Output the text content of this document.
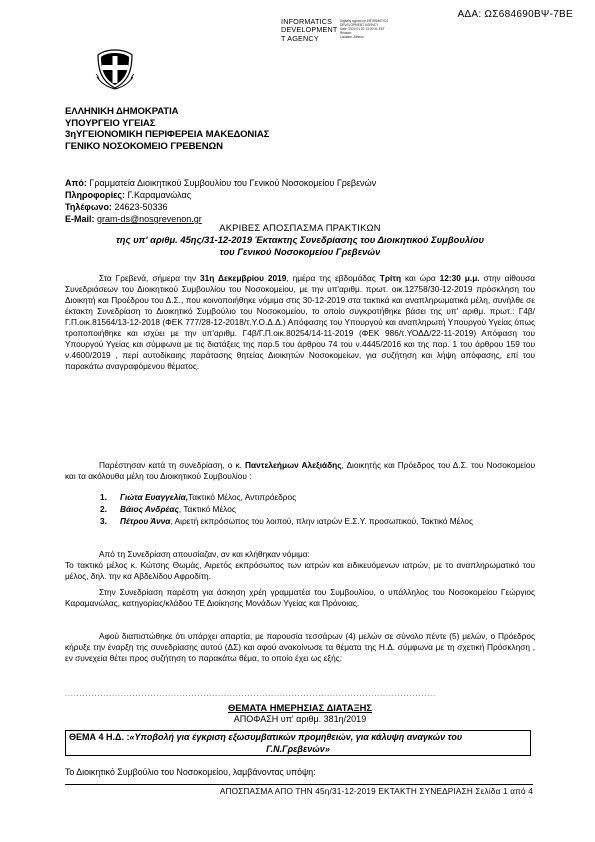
ΑΔΑ: ΩΣ684690ΒΨ-7ΒΕ
INFORMATICS
DEVELOPMENT
T AGENCY
Digitally signed by INFORMATICS
DEVELOPMENT AGENCY
Date: 2020.01.02 13:20:51 EET
Reason:
Location: Athens
ΕΛΛΗΝΙΚΗ ΔΗΜΟΚΡΑΤΙΑ
ΥΠΟΥΡΓΕΙΟ ΥΓΕΙΑΣ
3ηΥΓΕΙΟΝΟΜΙΚΗ ΠΕΡΙΦΕΡΕΙΑ ΜΑΚΕΔΟΝΙΑΣ
ΓΕΝΙΚΟ ΝΟΣΟΚΟΜΕΙΟ ΓΡΕΒΕΝΩΝ
Από: Γραμματεία Διοικητικού Συμβουλίου του Γενικού Νοσοκομείου Γρεβενών
Πληροφορίες: Γ.Καραμανώλας
Τηλέφωνο: 24623-50336
E-Mail: gram-ds@nosgrevenon.gr
ΑΚΡΙΒΕΣ ΑΠΟΣΠΑΣΜΑ ΠΡΑΚΤΙΚΩΝ
της υπ' αριθμ. 45ης/31-12-2019 Έκτακτης Συνεδρίασης του Διοικητικού Συμβουλίου
του Γενικού Νοσοκομείου Γρεβενών
Στα Γρεβενά, σήμερα την 31η Δεκεμβρίου 2019, ημέρα της εβδομάδας Τρίτη και ώρα 12:30 μ.μ. στην αίθουσα Συνεδριάσεων του Διοικητικού Συμβουλίου του Νοσοκομείου, με την υπ'αριθμ. πρωτ. οικ.12758/30-12-2019 πρόσκληση του Διοικητή και Προέδρου του Δ.Σ., που κοινοποιήθηκε νόμιμα στις 30-12-2019 στα τακτικά και αναπληρωματικά μέλη, συνήλθε σε έκτακτη Συνεδρίαση το Διοικητικό Συμβούλιο του Νοσοκομείου, το οποίο συγκροτήθηκε βάσει της υπ' αριθμ. πρωτ.: Γ4β/Γ.Π.οικ.81564/13-12-2018 (ΦΕΚ 777/28-12-2018/τ.Υ.Ο.Δ.Δ.) Απόφασης του Υπουργού και αναπληρωτή Υπουργού Υγείας όπως τροποποιήθηκε και ισχύει με την υπ'αριθμ. Γ4β/Γ.Π.οικ.80254/14-11-2019 (ΦΕΚ 986/τ.ΥΟΔΔ/22-11-2019) Απόφαση του Υπουργού Υγείας και σύμφωνα με τις διατάξεις της παρ.5 του άρθρου 74 του ν.4445/2016 και της παρ. 1 του άρθρου 159 του ν.4600/2019 , περί αυτοδίκαιης παράτασης θητείας Διοικητών Νοσοκομείων, για συζήτηση και λήψη απόφασης, επί του παρακάτω αναγραφόμενου θέματος.
Παρέστησαν κατά τη συνεδρίαση, ο κ. Παντελεήμων Αλεξιάδης, Διοικητής και Πρόεδρος του Δ.Σ. του Νοσοκομείου και τα ακόλουθα μέλη του Διοικητικού Συμβουλίου :
1.	Γιώτα Ευαγγελία,Τακτικό Μέλος, Αντιπρόεδρος
2.	Βάιος Ανδρέας, Τακτικό Μέλος
3.	Πέτρου Άννα, Αιρετή εκπρόσωπος του λοιπού, πλην ιατρών Ε.Σ.Υ. προσωπικού, Τακτικό Μέλος
Από τη Συνεδρίαση απουσίαζαν, αν και κλήθηκαν νόμιμα:
Το τακτικό μέλος κ. Κώτσης Θωμάς, Αιρετός εκπρόσωπος των ιατρών και ειδικευόμενων ιατρών, με το αναπληρωματικό του μέλος, δηλ. την κα Αβδελίδου Αφροδίτη.
Στην Συνεδρίαση παρέστη για άσκηση χρέη γραμματέα του Συμβουλίου, ο υπάλληλος του Νοσοκομείου Γεώργιος Καραμανώλας, κατηγορίας/κλάδου ΤΕ Διοίκησης Μονάδων Υγείας και Πρόνοιας.
Αφού διαπιστώθηκε ότι υπάρχει απαρτία, με παρουσία τεσσάρων (4) μελών σε σύνολο πέντε (5) μελών, ο Πρόεδρος κήρυξε την έναρξη της συνεδρίασης αυτού (ΔΣ) και αφού ανακοίνωσε τα θέματα της Η.Δ. σύμφωνα με τη σχετική Πρόσκληση , εν συνεχεία θέτει προς συζήτηση το παρακάτω θέμα, το οποίο έχει ως εξής:
..............................................................................................................................
ΘΕΜΑΤΑ ΗΜΕΡΗΣΙΑΣ ΔΙΑΤΑΞΗΣ
ΑΠΟΦΑΣΗ υπ' αριθμ. 381η/2019
ΘΕΜΑ 4 Η.Δ. :«Υποβολή για έγκριση εξωσυμβατικών προμηθειών, για κάλυψη αναγκών του
Γ.Ν.Γρεβενών»
Το Διοικητικό Συμβούλιο του Νοσοκομείου, λαμβάνοντας υπόψη:
ΑΠΟΣΠΑΣΜΑ ΑΠΟ ΤΗΝ 45η/31-12-2019 ΕΚΤΑΚΤΗ ΣΥΝΕΔΡΙΑΣΗ Σελίδα 1 από 4
